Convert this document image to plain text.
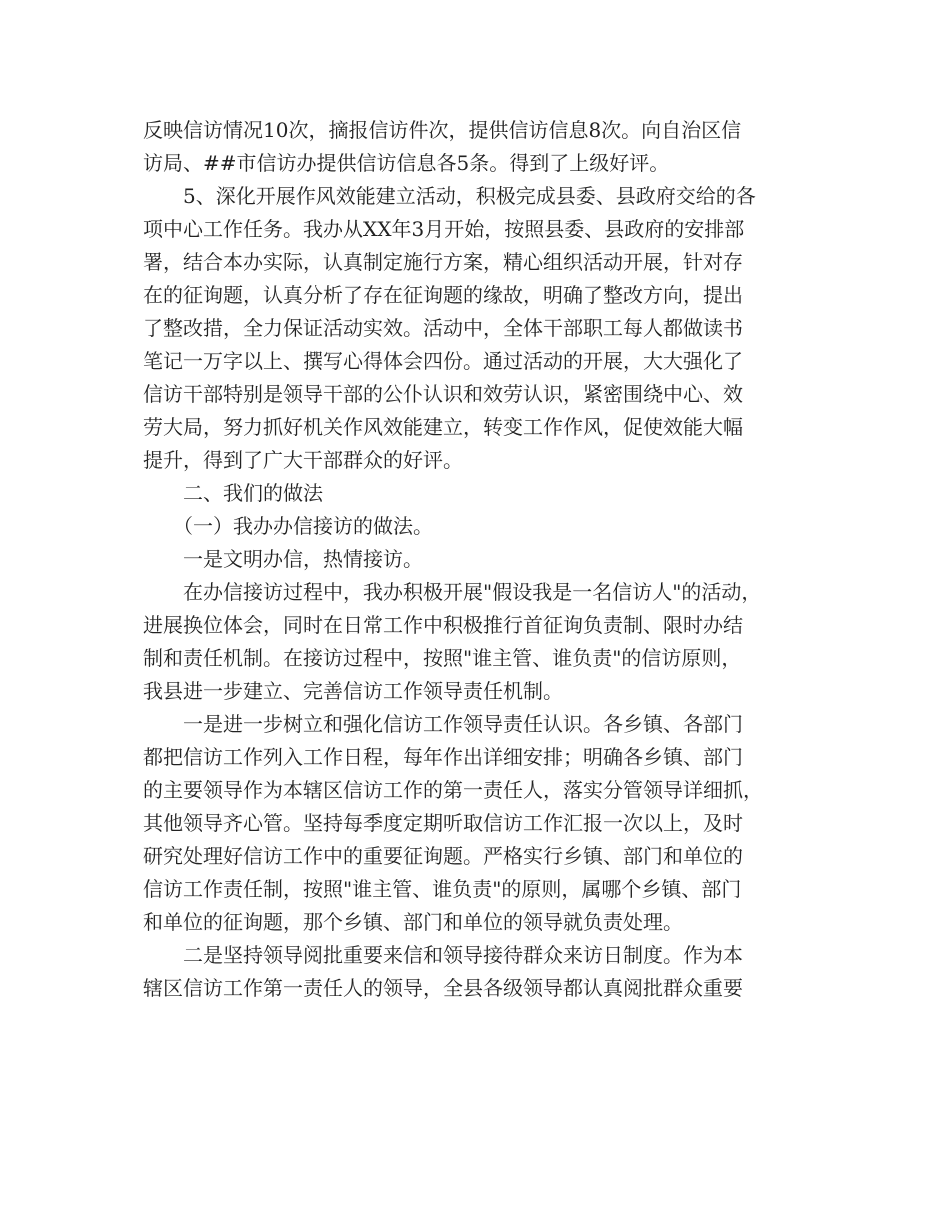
反映信访情况10次，摘报信访件次，提供信访信息8次。向自治区信
访局、##市信访办提供信访信息各5条。得到了上级好评。
　　5、深化开展作风效能建立活动，积极完成县委、县政府交给的各
项中心工作任务。我办从XX年3月开始，按照县委、县政府的安排部
署，结合本办实际，认真制定施行方案，精心组织活动开展，针对存
在的征询题，认真分析了存在征询题的缘故，明确了整改方向，提出
了整改措，全力保证活动实效。活动中，全体干部职工每人都做读书
笔记一万字以上、撰写心得体会四份。通过活动的开展，大大强化了
信访干部特别是领导干部的公仆认识和效劳认识，紧密围绕中心、效
劳大局，努力抓好机关作风效能建立，转变工作作风，促使效能大幅
提升，得到了广大干部群众的好评。
　　二、我们的做法
　　（一）我办办信接访的做法。
　　一是文明办信，热情接访。
　　在办信接访过程中，我办积极开展"假设我是一名信访人"的活动，
进展换位体会，同时在日常工作中积极推行首征询负责制、限时办结
制和责任机制。在接访过程中，按照"谁主管、谁负责"的信访原则，
我县进一步建立、完善信访工作领导责任机制。
　　一是进一步树立和强化信访工作领导责任认识。各乡镇、各部门
都把信访工作列入工作日程，每年作出详细安排；明确各乡镇、部门
的主要领导作为本辖区信访工作的第一责任人，落实分管领导详细抓，
其他领导齐心管。坚持每季度定期听取信访工作汇报一次以上，及时
研究处理好信访工作中的重要征询题。严格实行乡镇、部门和单位的
信访工作责任制，按照"谁主管、谁负责"的原则，属哪个乡镇、部门
和单位的征询题，那个乡镇、部门和单位的领导就负责处理。
　　二是坚持领导阅批重要来信和领导接待群众来访日制度。作为本
辖区信访工作第一责任人的领导，全县各级领导都认真阅批群众重要
